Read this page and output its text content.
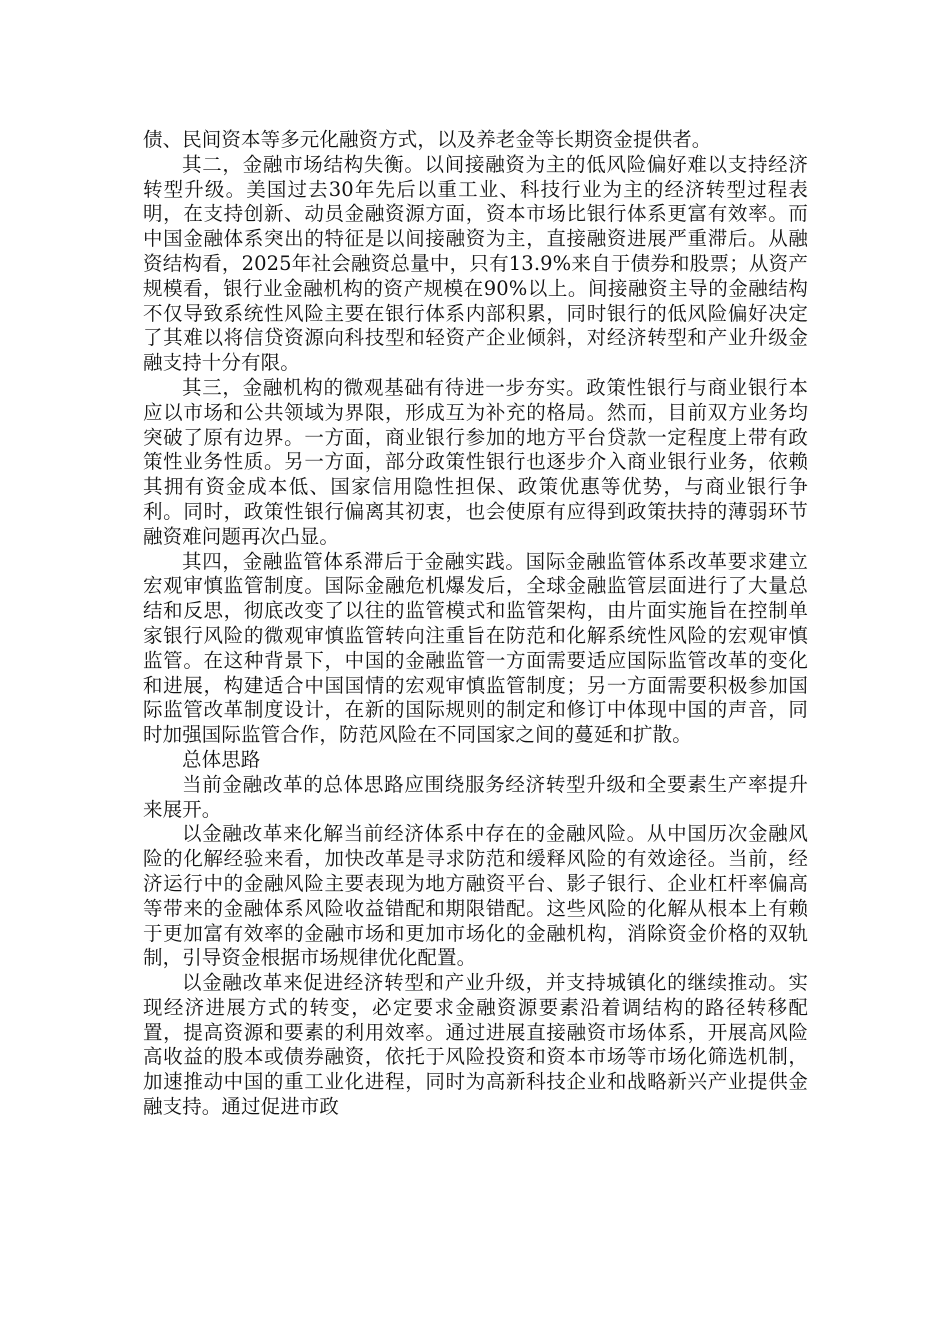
债、民间资本等多元化融资方式，以及养老金等长期资金提供者。

其二，金融市场结构失衡。以间接融资为主的低风险偏好难以支持经济转型升级。美国过去30年先后以重工业、科技行业为主的经济转型过程表明，在支持创新、动员金融资源方面，资本市场比银行体系更富有效率。而中国金融体系突出的特征是以间接融资为主，直接融资进展严重滞后。从融资结构看，2025年社会融资总量中，只有13.9%来自于债券和股票；从资产规模看，银行业金融机构的资产规模在90%以上。间接融资主导的金融结构不仅导致系统性风险主要在银行体系内部积累，同时银行的低风险偏好决定了其难以将信贷资源向科技型和轻资产企业倾斜，对经济转型和产业升级金融支持十分有限。

其三，金融机构的微观基础有待进一步夯实。政策性银行与商业银行本应以市场和公共领域为界限，形成互为补充的格局。然而，目前双方业务均突破了原有边界。一方面，商业银行参加的地方平台贷款一定程度上带有政策性业务性质。另一方面，部分政策性银行也逐步介入商业银行业务，依赖其拥有资金成本低、国家信用隐性担保、政策优惠等优势，与商业银行争利。同时，政策性银行偏离其初衷，也会使原有应得到政策扶持的薄弱环节融资难问题再次凸显。

其四，金融监管体系滞后于金融实践。国际金融监管体系改革要求建立宏观审慎监管制度。国际金融危机爆发后，全球金融监管层面进行了大量总结和反思，彻底改变了以往的监管模式和监管架构，由片面实施旨在控制单家银行风险的微观审慎监管转向注重旨在防范和化解系统性风险的宏观审慎监管。在这种背景下，中国的金融监管一方面需要适应国际监管改革的变化和进展，构建适合中国国情的宏观审慎监管制度；另一方面需要积极参加国际监管改革制度设计，在新的国际规则的制定和修订中体现中国的声音，同时加强国际监管合作，防范风险在不同国家之间的蔓延和扩散。

总体思路

当前金融改革的总体思路应围绕服务经济转型升级和全要素生产率提升来展开。

以金融改革来化解当前经济体系中存在的金融风险。从中国历次金融风险的化解经验来看，加快改革是寻求防范和缓释风险的有效途径。当前，经济运行中的金融风险主要表现为地方融资平台、影子银行、企业杠杆率偏高等带来的金融体系风险收益错配和期限错配。这些风险的化解从根本上有赖于更加富有效率的金融市场和更加市场化的金融机构，消除资金价格的双轨制，引导资金根据市场规律优化配置。

以金融改革来促进经济转型和产业升级，并支持城镇化的继续推动。实现经济进展方式的转变，必定要求金融资源要素沿着调结构的路径转移配置，提高资源和要素的利用效率。通过进展直接融资市场体系，开展高风险高收益的股本或债券融资，依托于风险投资和资本市场等市场化筛选机制，加速推动中国的重工业化进程，同时为高新科技企业和战略新兴产业提供金融支持。通过促进市政
